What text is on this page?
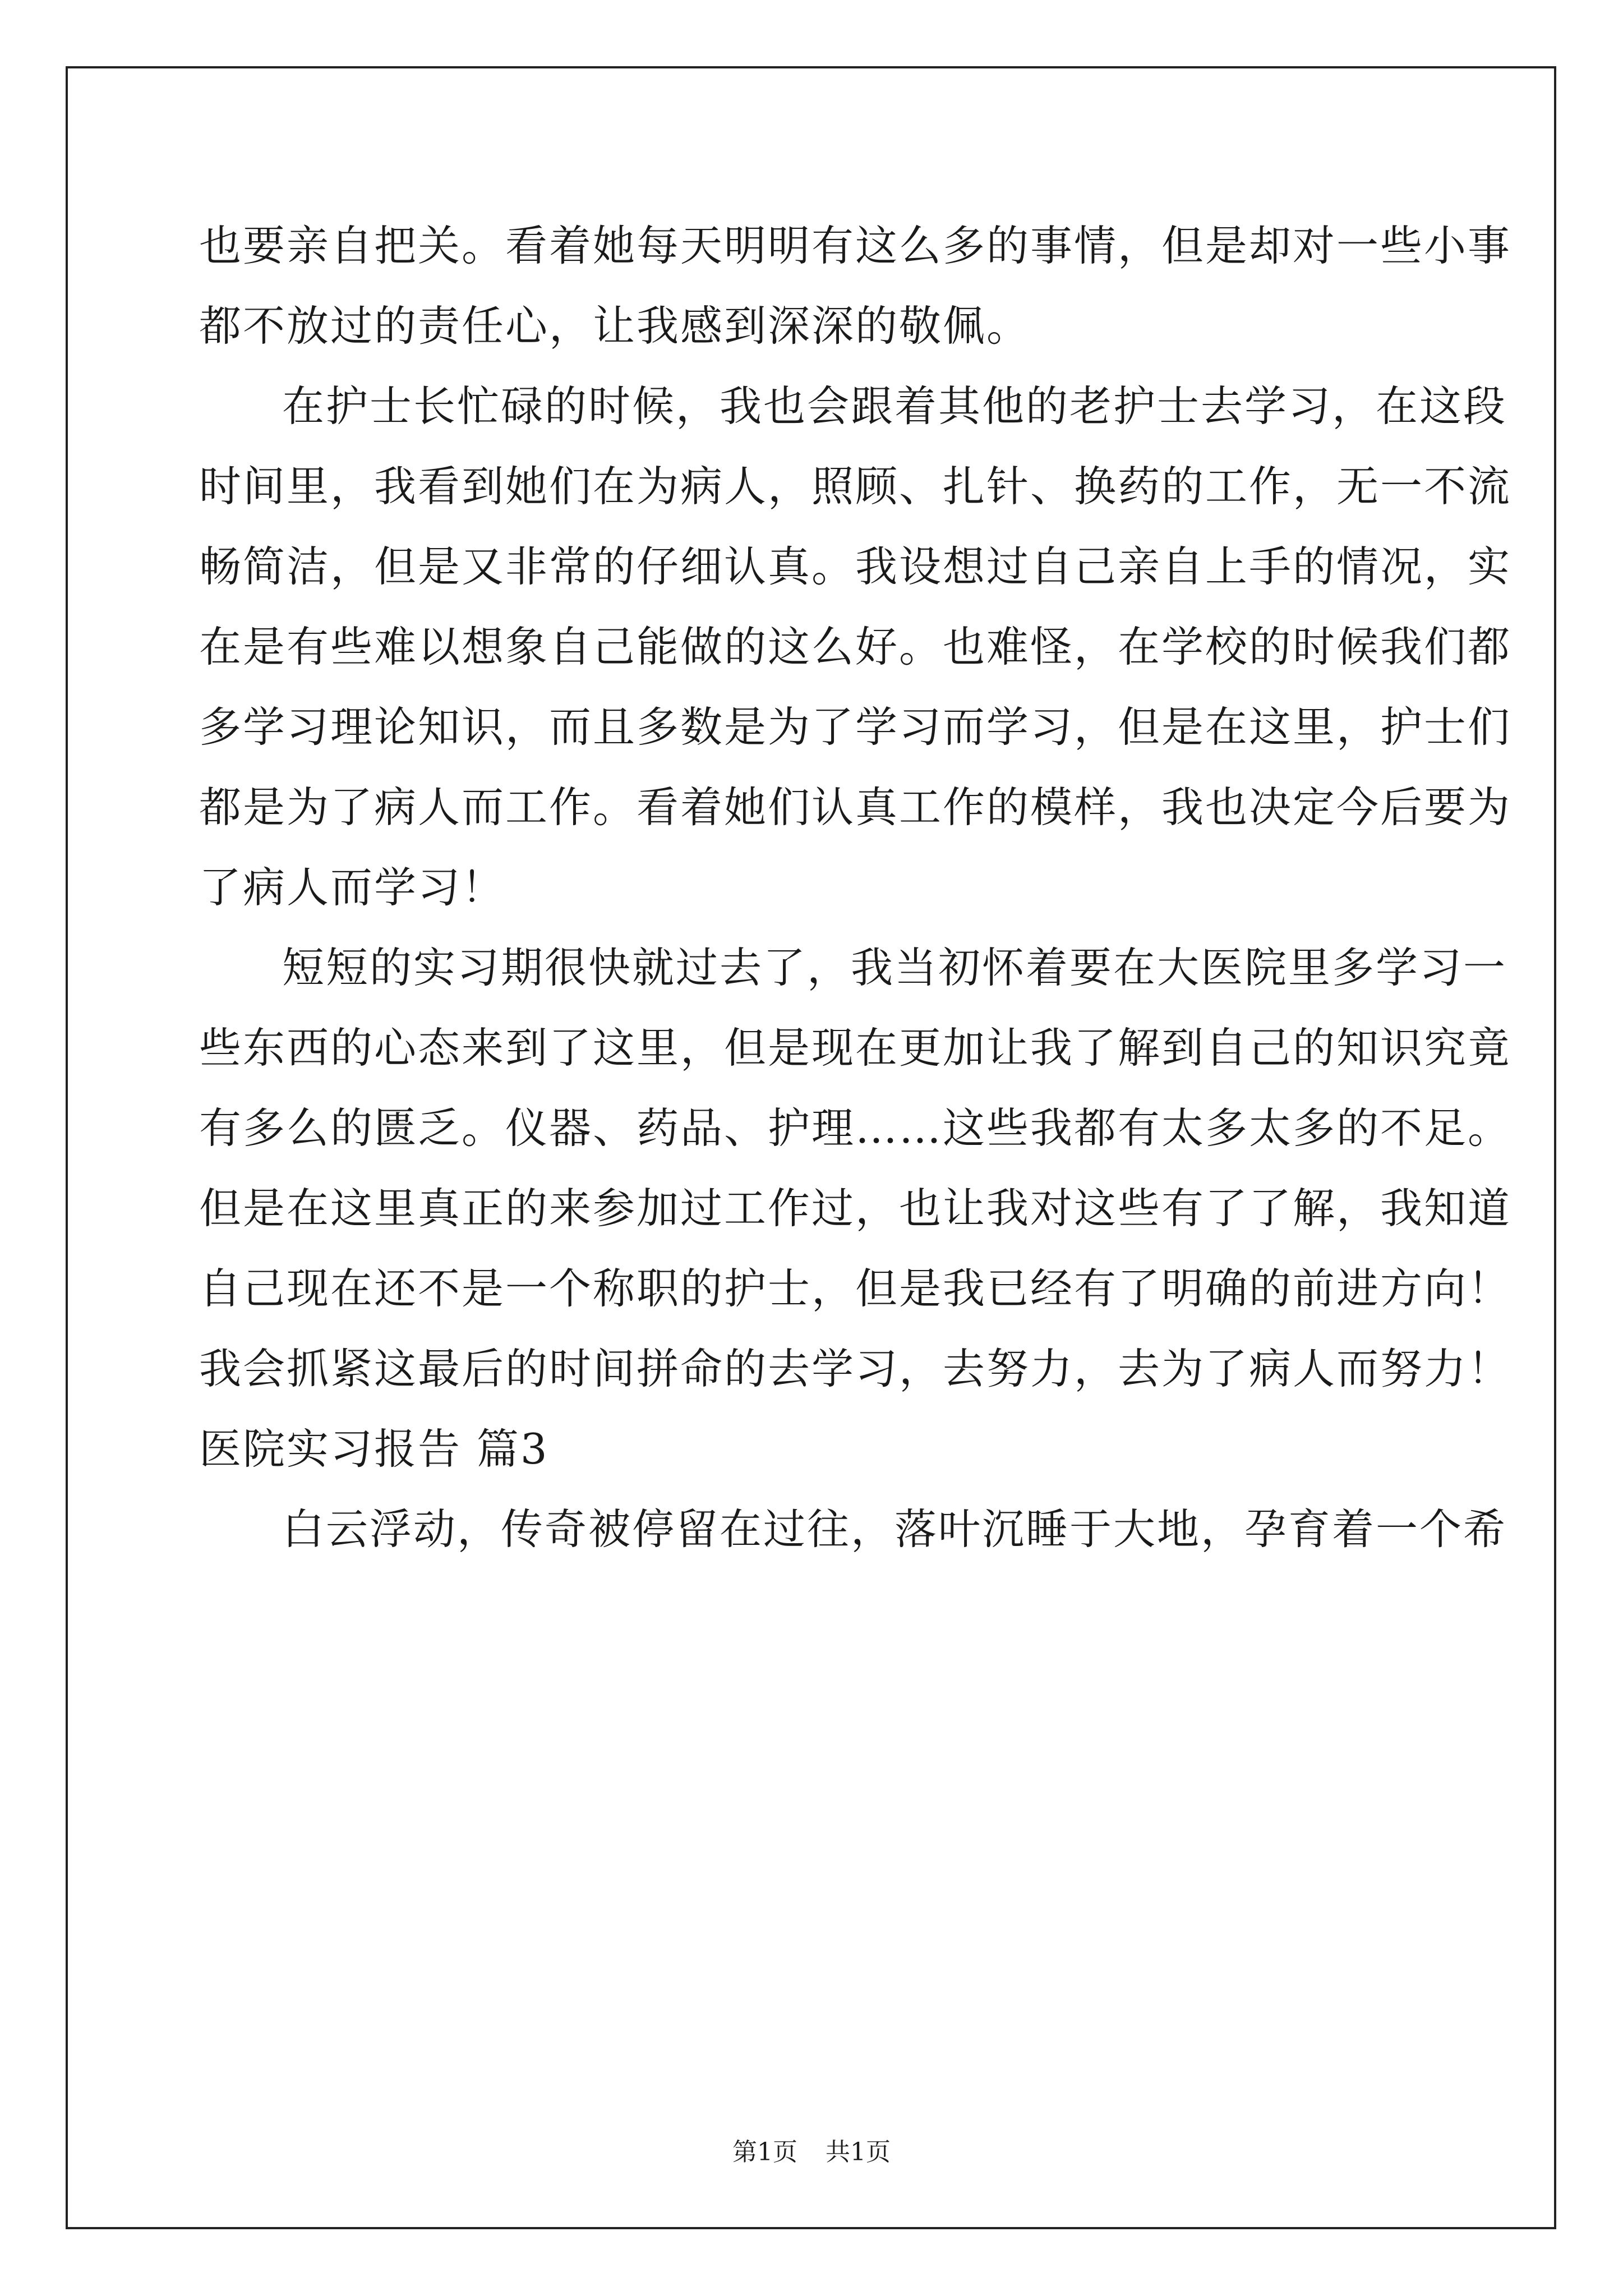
也要亲自把关。看着她每天明明有这么多的事情，但是却对一些小事
都不放过的责任心，让我感到深深的敬佩。
在护士长忙碌的时候，我也会跟着其他的老护士去学习，在这段
时间里，我看到她们在为病人，照顾、扎针、换药的工作，无一不流
畅简洁，但是又非常的仔细认真。我设想过自己亲自上手的情况，实
在是有些难以想象自己能做的这么好。也难怪，在学校的时候我们都
多学习理论知识，而且多数是为了学习而学习，但是在这里，护士们
都是为了病人而工作。看着她们认真工作的模样，我也决定今后要为
了病人而学习！
短短的实习期很快就过去了，我当初怀着要在大医院里多学习一
些东西的心态来到了这里，但是现在更加让我了解到自己的知识究竟
有多么的匮乏。仪器、药品、护理……这些我都有太多太多的不足。
但是在这里真正的来参加过工作过，也让我对这些有了了解，我知道
自己现在还不是一个称职的护士，但是我已经有了明确的前进方向！
我会抓紧这最后的时间拼命的去学习，去努力，去为了病人而努力！
医院实习报告 篇3
白云浮动，传奇被停留在过往，落叶沉睡于大地，孕育着一个希
第1页 共1页
